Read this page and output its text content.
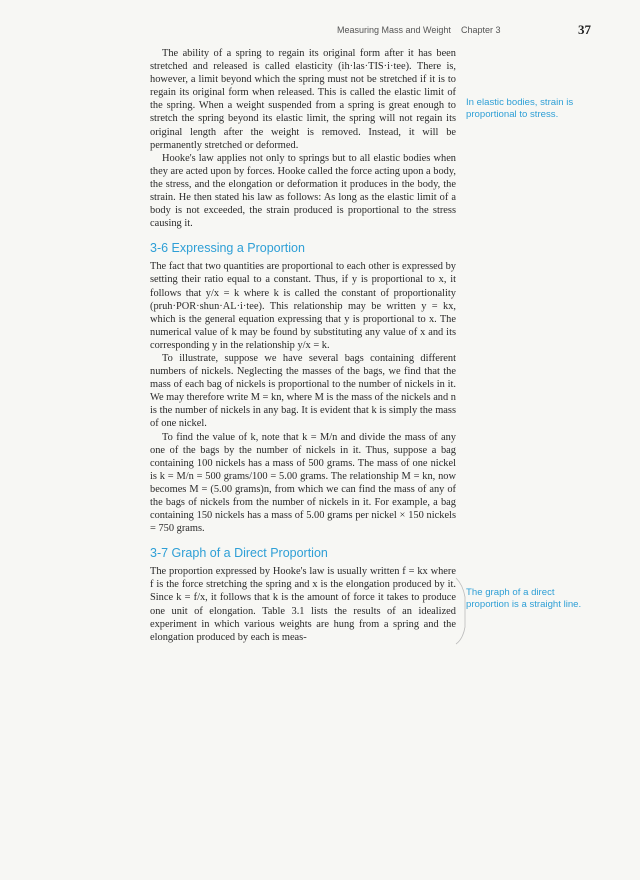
Measuring Mass and Weight Chapter 3	37

The ability of a spring to regain its original form after it has been stretched and released is called elasticity (ih·las·TIS·i·tee). There is, however, a limit beyond which the spring must not be stretched if it is to regain its original form when released. This is called the elastic limit of the spring. When a weight suspended from a spring is great enough to stretch the spring beyond its elastic limit, the spring will not regain its original length after the weight is removed. Instead, it will be permanently stretched or deformed.

Hooke's law applies not only to springs but to all elastic bodies when they are acted upon by forces. Hooke called the force acting upon a body, the stress, and the elongation or deformation it produces in the body, the strain. He then stated his law as follows: As long as the elastic limit of a body is not exceeded, the strain produced is proportional to the stress causing it.

3-6 Expressing a Proportion

The fact that two quantities are proportional to each other is expressed by setting their ratio equal to a constant. Thus, if y is proportional to x, it follows that y/x = k where k is called the constant of proportionality (pruh·POR·shun·AL·i·tee). This relationship may be written y = kx, which is the general equation expressing that y is proportional to x. The numerical value of k may be found by substituting any value of x and its corresponding y in the relationship y/x = k.

To illustrate, suppose we have several bags containing different numbers of nickels. Neglecting the masses of the bags, we find that the mass of each bag of nickels is proportional to the number of nickels in it. We may therefore write M = kn, where M is the mass of the nickels and n is the number of nickels in any bag. It is evident that k is simply the mass of one nickel.

To find the value of k, note that k = M/n and divide the mass of any one of the bags by the number of nickels in it. Thus, suppose a bag containing 100 nickels has a mass of 500 grams. The mass of one nickel is k = M/n = 500 grams/100 = 5.00 grams. The relationship M = kn, now becomes M = (5.00 grams)n, from which we can find the mass of any of the bags of nickels from the number of nickels in it. For example, a bag containing 150 nickels has a mass of 5.00 grams per nickel × 150 nickels = 750 grams.

3-7 Graph of a Direct Proportion

The proportion expressed by Hooke's law is usually written f = kx where f is the force stretching the spring and x is the elongation produced by it. Since k = f/x, it follows that k is the amount of force it takes to produce one unit of elongation. Table 3.1 lists the results of an idealized experiment in which various weights are hung from a spring and the elongation produced by each is meas-

In elastic bodies, strain is proportional to stress.
The graph of a direct proportion is a straight line.
